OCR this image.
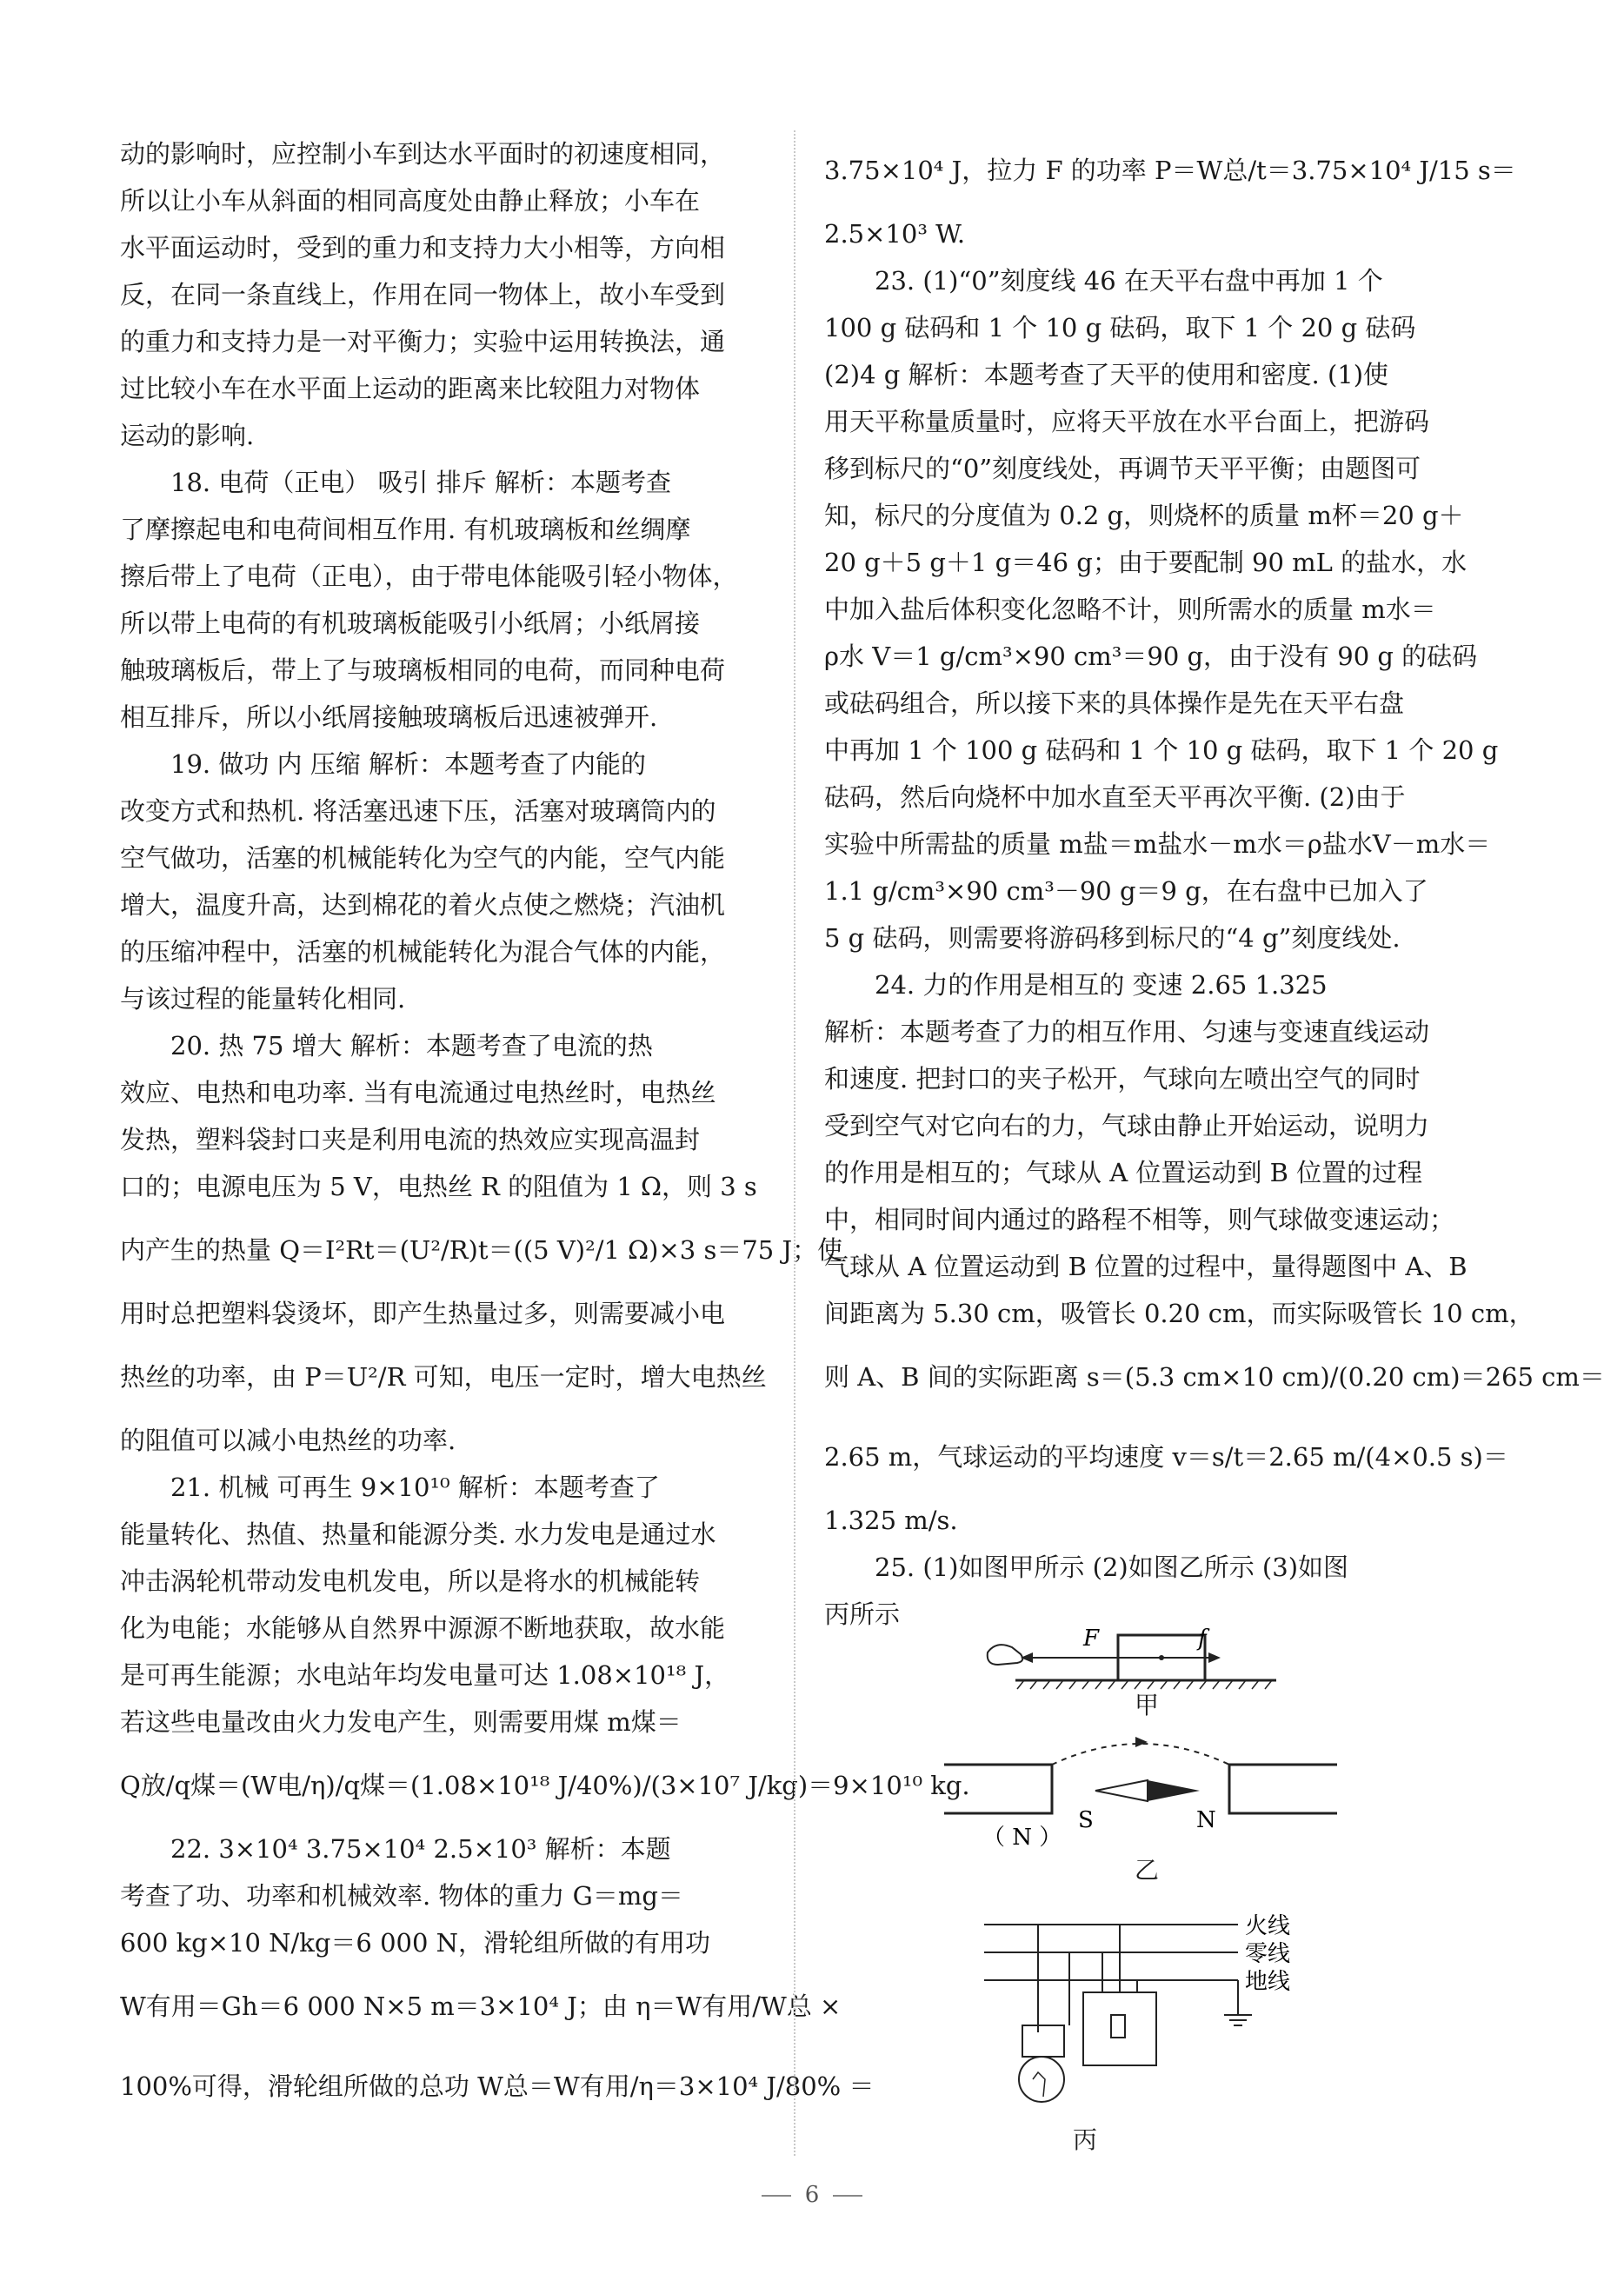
动的影响时，应控制小车到达水平面时的初速度相同，
所以让小车从斜面的相同高度处由静止释放；小车在
水平面运动时，受到的重力和支持力大小相等，方向相
反，在同一条直线上，作用在同一物体上，故小车受到
的重力和支持力是一对平衡力；实验中运用转换法，通
过比较小车在水平面上运动的距离来比较阻力对物体
运动的影响.
18. 电荷（正电） 吸引 排斥 解析：本题考查
了摩擦起电和电荷间相互作用. 有机玻璃板和丝绸摩
擦后带上了电荷（正电），由于带电体能吸引轻小物体，
所以带上电荷的有机玻璃板能吸引小纸屑；小纸屑接
触玻璃板后，带上了与玻璃板相同的电荷，而同种电荷
相互排斥，所以小纸屑接触玻璃板后迅速被弹开.
19. 做功 内 压缩 解析：本题考查了内能的
改变方式和热机. 将活塞迅速下压，活塞对玻璃筒内的
空气做功，活塞的机械能转化为空气的内能，空气内能
增大，温度升高，达到棉花的着火点使之燃烧；汽油机
的压缩冲程中，活塞的机械能转化为混合气体的内能，
与该过程的能量转化相同.
20. 热 75 增大 解析：本题考查了电流的热
效应、电热和电功率. 当有电流通过电热丝时，电热丝
发热，塑料袋封口夹是利用电流的热效应实现高温封
口的；电源电压为 5 V，电热丝 R 的阻值为 1 Ω，则 3 s
内产生的热量 Q＝I²Rt＝(U²/R)t＝((5 V)²/1 Ω)×3 s＝75 J；使
用时总把塑料袋烫坏，即产生热量过多，则需要减小电
热丝的功率，由 P＝U²/R 可知，电压一定时，增大电热丝
的阻值可以减小电热丝的功率.
21. 机械 可再生 9×10¹⁰ 解析：本题考查了
能量转化、热值、热量和能源分类. 水力发电是通过水
冲击涡轮机带动发电机发电，所以是将水的机械能转
化为电能；水能够从自然界中源源不断地获取，故水能
是可再生能源；水电站年均发电量可达 1.08×10¹⁸ J，
若这些电量改由火力发电产生，则需要用煤 m煤＝
Q放/q煤＝(W电/η)/q煤＝(1.08×10¹⁸ J/40%)/(3×10⁷ J/kg)＝9×10¹⁰ kg.
22. 3×10⁴ 3.75×10⁴ 2.5×10³ 解析：本题
考查了功、功率和机械效率. 物体的重力 G＝mg＝
600 kg×10 N/kg＝6 000 N，滑轮组所做的有用功
W有用＝Gh＝6 000 N×5 m＝3×10⁴ J；由 η＝W有用/W总 ×
100%可得，滑轮组所做的总功 W总＝W有用/η＝3×10⁴ J/80% ＝
3.75×10⁴ J，拉力 F 的功率 P＝W总/t＝3.75×10⁴ J/15 s＝
2.5×10³ W.
23. (1)“0”刻度线 46 在天平右盘中再加 1 个
100 g 砝码和 1 个 10 g 砝码，取下 1 个 20 g 砝码
(2)4 g 解析：本题考查了天平的使用和密度. (1)使
用天平称量质量时，应将天平放在水平台面上，把游码
移到标尺的“0”刻度线处，再调节天平平衡；由题图可
知，标尺的分度值为 0.2 g，则烧杯的质量 m杯＝20 g＋
20 g＋5 g＋1 g＝46 g；由于要配制 90 mL 的盐水，水
中加入盐后体积变化忽略不计，则所需水的质量 m水＝
ρ水 V＝1 g/cm³×90 cm³＝90 g，由于没有 90 g 的砝码
或砝码组合，所以接下来的具体操作是先在天平右盘
中再加 1 个 100 g 砝码和 1 个 10 g 砝码，取下 1 个 20 g
砝码，然后向烧杯中加水直至天平再次平衡. (2)由于
实验中所需盐的质量 m盐＝m盐水－m水＝ρ盐水V－m水＝
1.1 g/cm³×90 cm³－90 g＝9 g，在右盘中已加入了
5 g 砝码，则需要将游码移到标尺的“4 g”刻度线处.
24. 力的作用是相互的 变速 2.65 1.325
解析：本题考查了力的相互作用、匀速与变速直线运动
和速度. 把封口的夹子松开，气球向左喷出空气的同时
受到空气对它向右的力，气球由静止开始运动，说明力
的作用是相互的；气球从 A 位置运动到 B 位置的过程
中，相同时间内通过的路程不相等，则气球做变速运动；
气球从 A 位置运动到 B 位置的过程中，量得题图中 A、B
间距离为 5.30 cm，吸管长 0.20 cm，而实际吸管长 10 cm，
则 A、B 间的实际距离 s＝(5.3 cm×10 cm)/(0.20 cm)＝265 cm＝
2.65 m，气球运动的平均速度 v＝s/t＝2.65 m/(4×0.5 s)＝
1.325 m/s.
25. (1)如图甲所示 (2)如图乙所示 (3)如图
丙所示
F	f
甲
S	N
（ N ）
乙
火线
零线
地线
丙
6
